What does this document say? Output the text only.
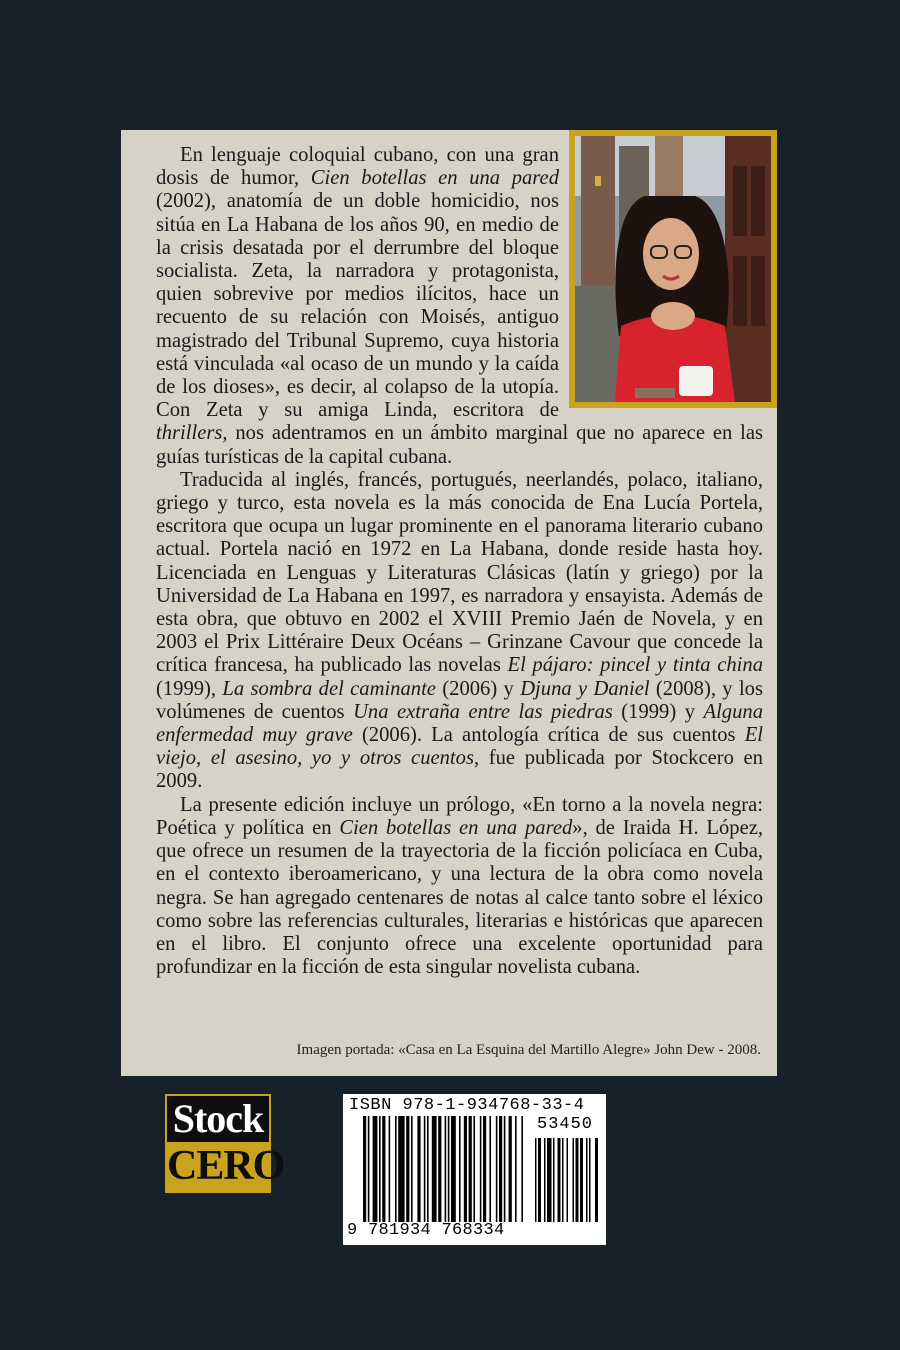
En lenguaje coloquial cubano, con una gran dosis de humor, Cien botellas en una pared (2002), anatomía de un doble homicidio, nos sitúa en La Habana de los años 90, en medio de la crisis desatada por el derrumbre del bloque socialista. Zeta, la narradora y protagonista, quien sobrevive por medios ilícitos, hace un recuento de su relación con Moisés, antiguo magistrado del Tribunal Supremo, cuya historia está vinculada «al ocaso de un mundo y la caída de los dioses», es decir, al colapso de la utopía. Con Zeta y su amiga Linda, escritora de thrillers, nos adentramos en un ámbito marginal que no aparece en las guías turísticas de la capital cubana.

Traducida al inglés, francés, portugués, neerlandés, polaco, italiano, griego y turco, esta novela es la más conocida de Ena Lucía Portela, escritora que ocupa un lugar prominente en el panorama literario cubano actual. Portela nació en 1972 en La Habana, donde reside hasta hoy. Licenciada en Lenguas y Literaturas Clásicas (latín y griego) por la Universidad de La Habana en 1997, es narradora y ensayista. Además de esta obra, que obtuvo en 2002 el XVIII Premio Jaén de Novela, y en 2003 el Prix Littéraire Deux Océans – Grinzane Cavour que concede la crítica francesa, ha publicado las novelas El pájaro: pincel y tinta china (1999), La sombra del caminante (2006) y Djuna y Daniel (2008), y los volúmenes de cuentos Una extraña entre las piedras (1999) y Alguna enfermedad muy grave (2006). La antología crítica de sus cuentos El viejo, el asesino, yo y otros cuentos, fue publicada por Stockcero en 2009.

La presente edición incluye un prólogo, «En torno a la novela negra: Poética y política en Cien botellas en una pared», de Iraida H. López, que ofrece un resumen de la trayectoria de la ficción policíaca en Cuba, en el contexto iberoamericano, y una lectura de la obra como novela negra. Se han agregado centenares de notas al calce tanto sobre el léxico como sobre las referencias culturales, literarias e históricas que aparecen en el libro. El conjunto ofrece una excelente oportunidad para profundizar en la ficción de esta singular novelista cubana.

Imagen portada: «Casa en La Esquina del Martillo Alegre» John Dew - 2008.
Stock
CERO
ISBN 978-1-934768-33-4
53450
9 781934 768334
